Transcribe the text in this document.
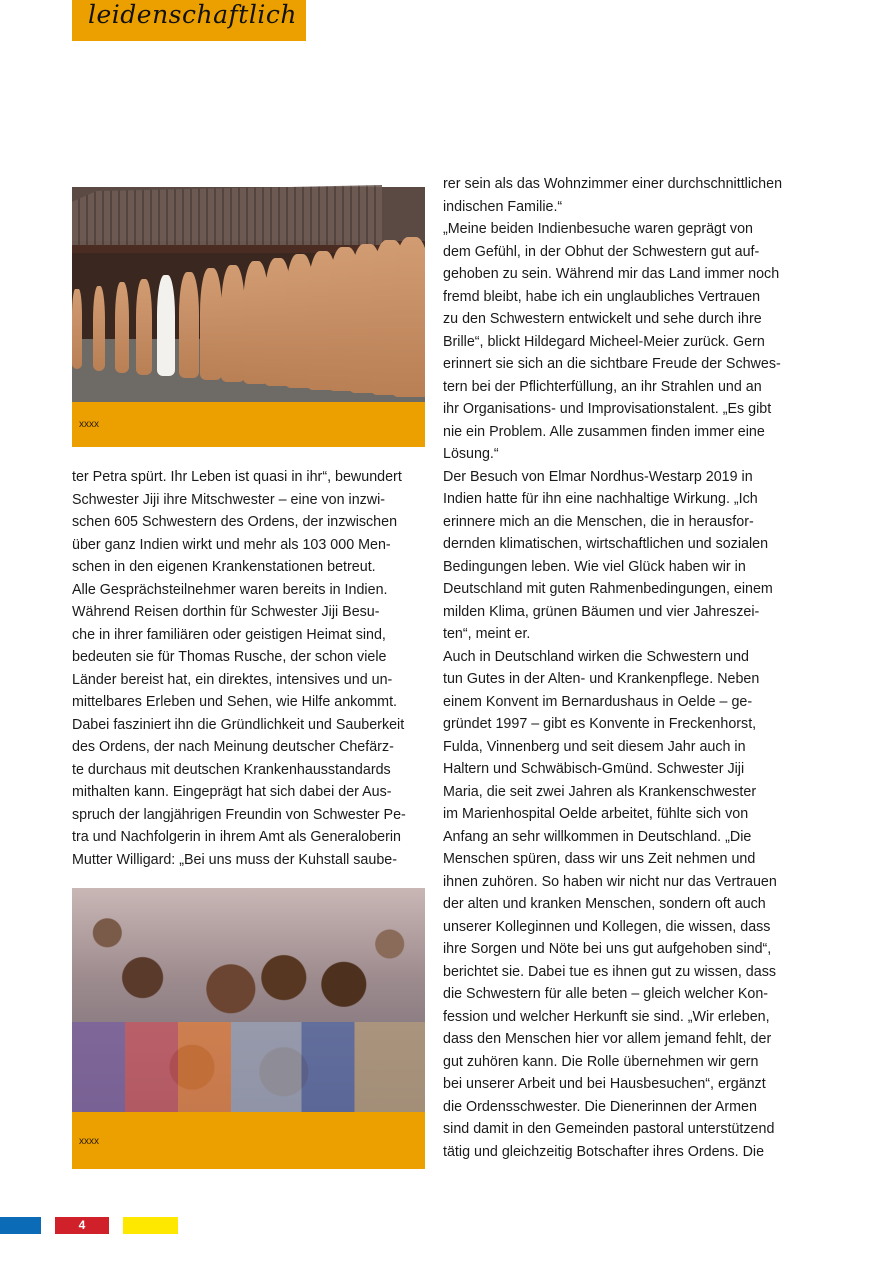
leidenschaftlich
xxxx
xxxx

ter Petra spürt. Ihr Leben ist quasi in ihr“, bewundert

Schwester Jiji ihre Mitschwester – eine von inzwi-

schen 605 Schwestern des Ordens, der inzwischen

über ganz Indien wirkt und mehr als 103 000 Men-

schen in den eigenen Krankenstationen betreut.

Alle Gesprächsteilnehmer waren bereits in Indien.

Während Reisen dorthin für Schwester Jiji Besu-

che in ihrer familiären oder geistigen Heimat sind,

bedeuten sie für Thomas Rusche, der schon viele

Länder bereist hat, ein direktes, intensives und un-

mittelbares Erleben und Sehen, wie Hilfe ankommt.

Dabei fasziniert ihn die Gründlichkeit und Sauberkeit

des Ordens, der nach Meinung deutscher Chefärz-

te durchaus mit deutschen Krankenhausstandards

mithalten kann. Eingeprägt hat sich dabei der Aus-

spruch der langjährigen Freundin von Schwester Pe-

tra und Nachfolgerin in ihrem Amt als Generaloberin

Mutter Willigard: „Bei uns muss der Kuhstall saube-

rer sein als das Wohnzimmer einer durchschnittlichen

indischen Familie.“

„Meine beiden Indienbesuche waren geprägt von

dem Gefühl, in der Obhut der Schwestern gut auf-

gehoben zu sein. Während mir das Land immer noch

fremd bleibt, habe ich ein unglaubliches Vertrauen

zu den Schwestern entwickelt und sehe durch ihre

Brille“, blickt Hildegard Micheel-Meier zurück. Gern

erinnert sie sich an die sichtbare Freude der Schwes-

tern bei der Pflichterfüllung, an ihr Strahlen und an

ihr Organisations- und Improvisationstalent. „Es gibt

nie ein Problem. Alle zusammen finden immer eine

Lösung.“

Der Besuch von Elmar Nordhus-Westarp 2019 in

Indien hatte für ihn eine nachhaltige Wirkung. „Ich

erinnere mich an die Menschen, die in herausfor-

dernden klimatischen, wirtschaftlichen und sozialen

Bedingungen leben. Wie viel Glück haben wir in

Deutschland mit guten Rahmenbedingungen, einem

milden Klima, grünen Bäumen und vier Jahreszei-

ten“, meint er.

Auch in Deutschland wirken die Schwestern und

tun Gutes in der Alten- und Krankenpflege. Neben

einem Konvent im Bernardushaus in Oelde – ge-

gründet 1997 – gibt es Konvente in Freckenhorst,

Fulda, Vinnenberg und seit diesem Jahr auch in

Haltern und Schwäbisch-Gmünd. Schwester Jiji

Maria, die seit zwei Jahren als Krankenschwester

im Marienhospital Oelde arbeitet, fühlte sich von

Anfang an sehr willkommen in Deutschland. „Die

Menschen spüren, dass wir uns Zeit nehmen und

ihnen zuhören. So haben wir nicht nur das Vertrauen

der alten und kranken Menschen, sondern oft auch

unserer Kolleginnen und Kollegen, die wissen, dass

ihre Sorgen und Nöte bei uns gut aufgehoben sind“,

berichtet sie. Dabei tue es ihnen gut zu wissen, dass

die Schwestern für alle beten – gleich welcher Kon-

fession und welcher Herkunft sie sind. „Wir erleben,

dass den Menschen hier vor allem jemand fehlt, der

gut zuhören kann. Die Rolle übernehmen wir gern

bei unserer Arbeit und bei Hausbesuchen“, ergänzt

die Ordensschwester. Die Dienerinnen der Armen

sind damit in den Gemeinden pastoral unterstützend

tätig und gleichzeitig Botschafter ihres Ordens. Die

4
